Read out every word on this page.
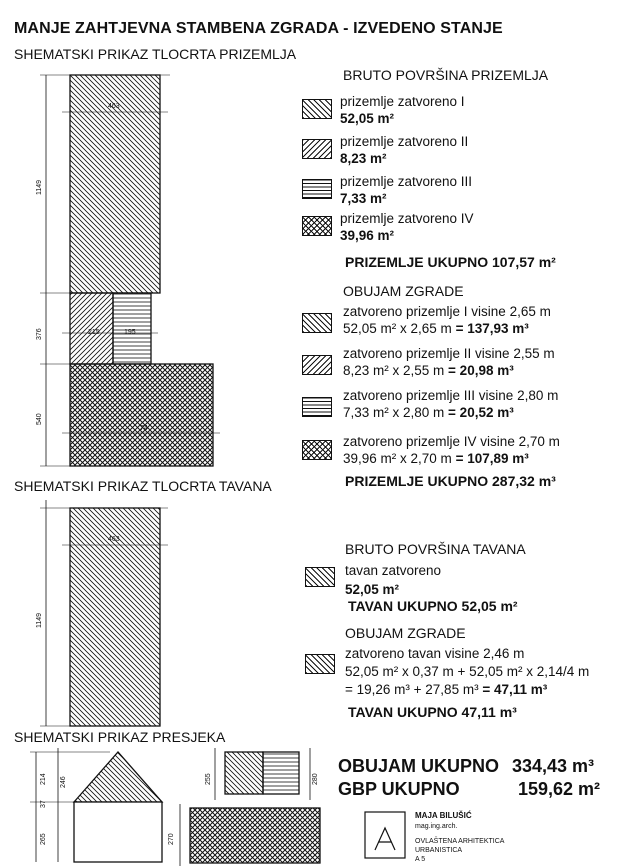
1149
376
540
463
215	195
74
1149
463
214 246
37
265
255	280
270
MANJE ZAHTJEVNA STAMBENA ZGRADA - IZVEDENO STANJE
SHEMATSKI PRIKAZ TLOCRTA PRIZEMLJA
SHEMATSKI PRIKAZ TLOCRTA TAVANA
SHEMATSKI PRIKAZ PRESJEKA
BRUTO POVRŠINA PRIZEMLJA
prizemlje zatvoreno I
52,05 m²
prizemlje zatvoreno II
8,23 m²
prizemlje zatvoreno III
7,33 m²
prizemlje zatvoreno IV
39,96 m²
PRIZEMLJE UKUPNO 107,57 m²
OBUJAM ZGRADE
zatvoreno prizemlje I visine 2,65 m
52,05 m² x 2,65 m = 137,93 m³
zatvoreno prizemlje II visine 2,55 m
8,23 m² x 2,55 m = 20,98 m³
zatvoreno prizemlje III visine 2,80 m
7,33 m² x 2,80 m = 20,52 m³
zatvoreno prizemlje IV visine 2,70 m
39,96 m² x 2,70 m = 107,89 m³
PRIZEMLJE UKUPNO 287,32 m³
BRUTO POVRŠINA TAVANA
tavan zatvoreno
52,05 m²
TAVAN UKUPNO 52,05 m²
OBUJAM ZGRADE
zatvoreno tavan visine 2,46 m
52,05 m² x 0,37 m + 52,05 m² x 2,14/4 m
= 19,26 m³ + 27,85 m³ = 47,11 m³
TAVAN UKUPNO 47,11 m³
OBUJAM UKUPNO 334,43 m³
GBP UKUPNO	159,62 m²
MAJA BILUŠIĆ
mag.ing.arch.
OVLAŠTENA ARHITEKTICA
URBANISTICA
A 5
